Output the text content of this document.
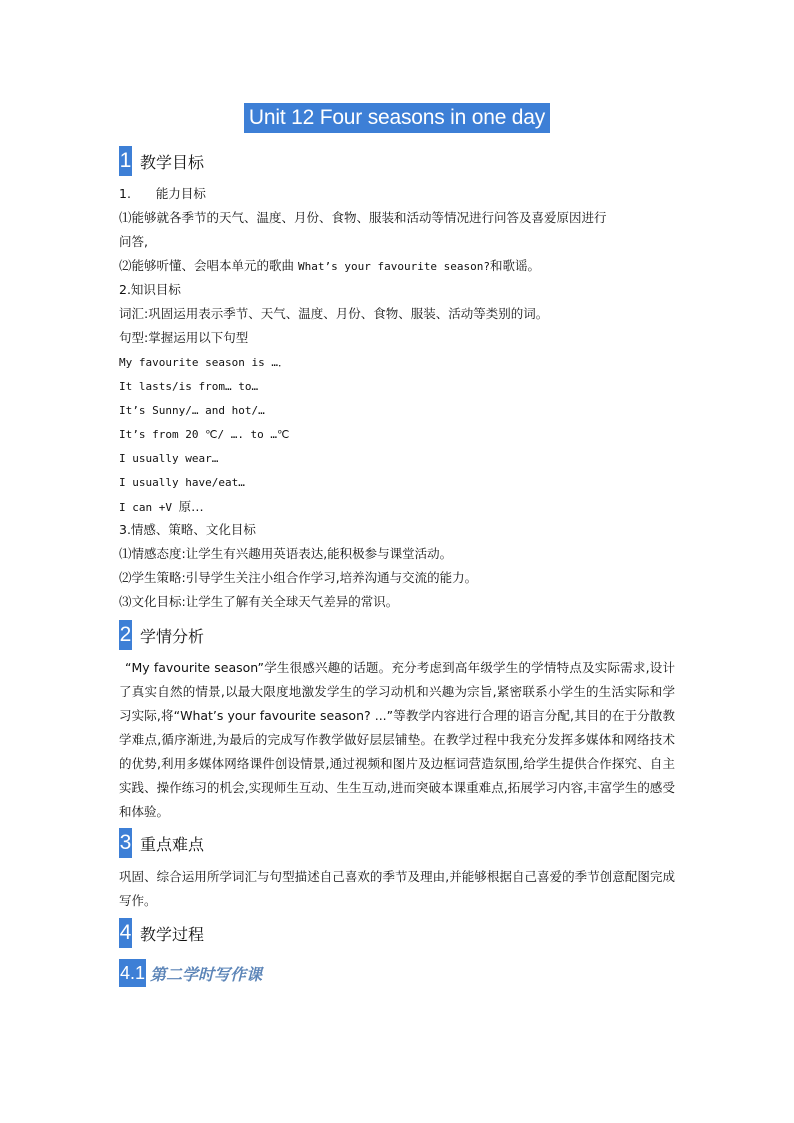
Unit 12 Four seasons in one day
1 教学目标
1.　　能力目标
⑴能够就各季节的天气、温度、月份、食物、服装和活动等情况进行问答及喜爱原因进行
问答,
⑵能够听懂、会唱本单元的歌曲 What’s your favourite season?和歌谣。
2.知识目标
词汇:巩固运用表示季节、天气、温度、月份、食物、服装、活动等类别的词。
句型:掌握运用以下句型
My favourite season is …．
It lasts/is from… to…
It’s Sunny/… and hot/…
It’s from 20 ℃/ …. to …℃
I usually wear…
I usually have/eat…
I can +V 原…
3.情感、策略、文化目标
⑴情感态度:让学生有兴趣用英语表达,能积极参与课堂活动。
⑵学生策略:引导学生关注小组合作学习,培养沟通与交流的能力。
⑶文化目标:让学生了解有关全球天气差异的常识。
2 学情分析
“My favourite season”学生很感兴趣的话题。充分考虑到高年级学生的学情特点及实际需求,设计了真实自然的情景,以最大限度地激发学生的学习动机和兴趣为宗旨,紧密联系小学生的生活实际和学习实际,将“What’s your favourite season? ...”等教学内容进行合理的语言分配,其目的在于分散教学难点,循序渐进,为最后的完成写作教学做好层层铺垫。在教学过程中我充分发挥多媒体和网络技术的优势,利用多媒体网络课件创设情景,通过视频和图片及边框词营造氛围,给学生提供合作探究、自主实践、操作练习的机会,实现师生互动、生生互动,进而突破本课重难点,拓展学习内容,丰富学生的感受和体验。
3 重点难点
巩固、综合运用所学词汇与句型描述自己喜欢的季节及理由,并能够根据自己喜爱的季节创意配图完成写作。
4 教学过程
4.1 第二学时写作课
